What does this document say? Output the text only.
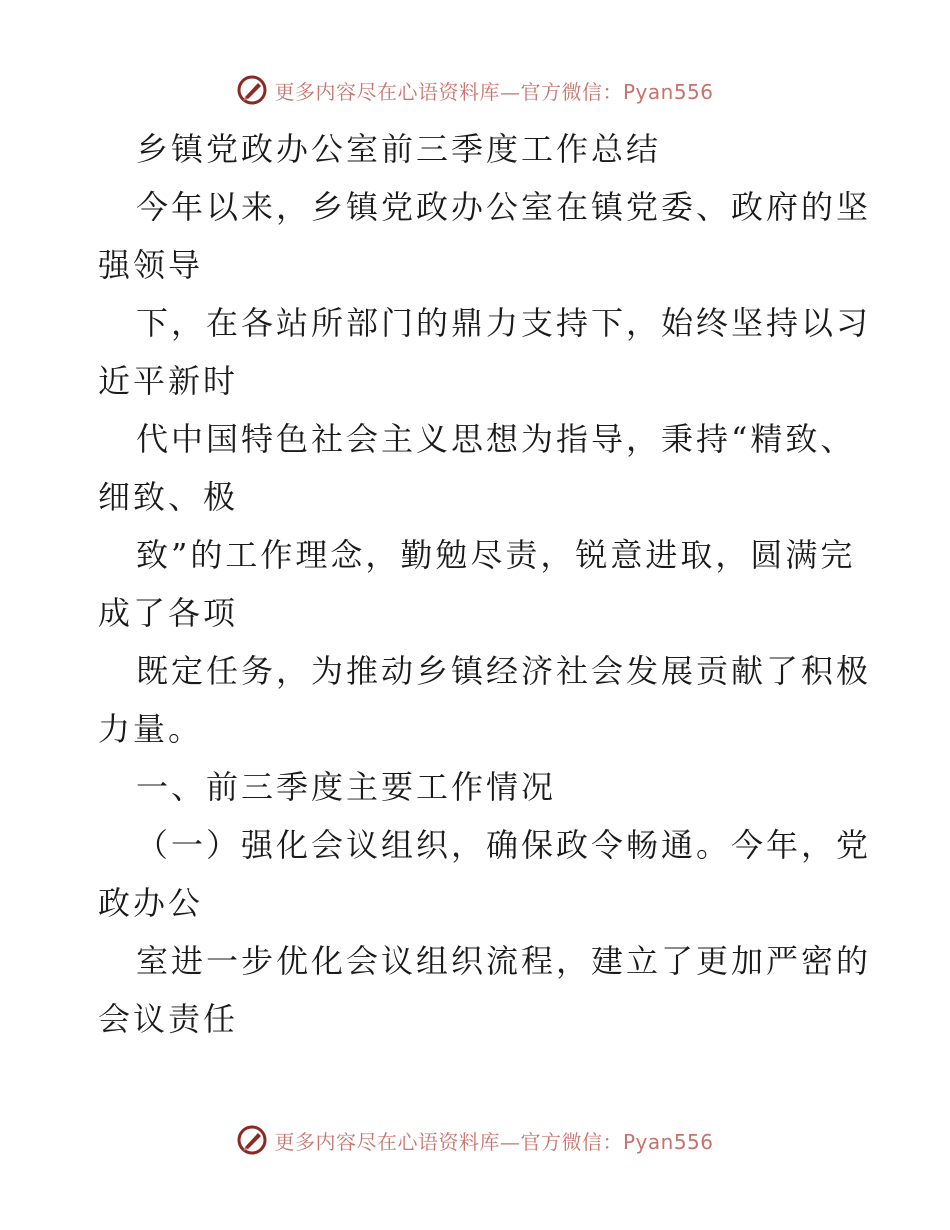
更多内容尽在心语资料库—官方微信：Pyan556
乡镇党政办公室前三季度工作总结
今年以来，乡镇党政办公室在镇党委、政府的坚
强领导
下，在各站所部门的鼎力支持下，始终坚持以习
近平新时
代中国特色社会主义思想为指导，秉持“精致、
细致、极
致”的工作理念，勤勉尽责，锐意进取，圆满完
成了各项
既定任务，为推动乡镇经济社会发展贡献了积极
力量。
一、前三季度主要工作情况
（一）强化会议组织，确保政令畅通。今年，党
政办公
室进一步优化会议组织流程，建立了更加严密的
会议责任
更多内容尽在心语资料库—官方微信：Pyan556
